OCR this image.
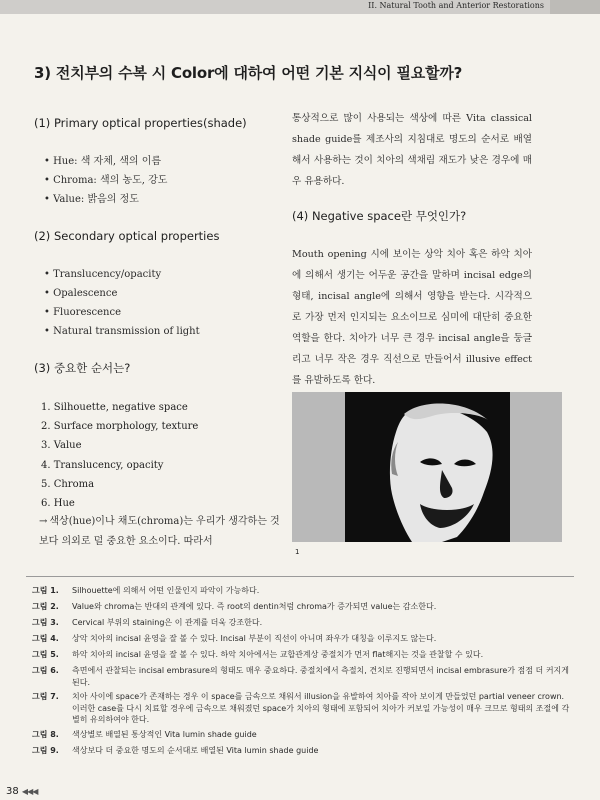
II. Natural Tooth and Anterior Restorations
3) 전치부의 수복 시 Color에 대하여 어떤 기본 지식이 필요할까?
(1) Primary optical properties(shade)
• Hue: 색 자체, 색의 이름
• Chroma: 색의 농도, 강도
• Value: 밝음의 정도
(2) Secondary optical properties
• Translucency/opacity
• Opalescence
• Fluorescence
• Natural transmission of light
(3) 중요한 순서는?
1. Silhouette, negative space
2. Surface morphology, texture
3. Value
4. Translucency, opacity
5. Chroma
6. Hue
→ 색상(hue)이나 채도(chroma)는 우리가 생각하는 것보다 의외로 덜 중요한 요소이다. 따라서
통상적으로 많이 사용되는 색상에 따른 Vita classical shade guide를 제조사의 지침대로 명도의 순서로 배열해서 사용하는 것이 치아의 색채림 재도가 낮은 경우에 매우 유용하다.
(4) Negative space란 무엇인가?
Mouth opening 시에 보이는 상악 치아 혹은 하악 치아에 의해서 생기는 어두운 공간을 말하며 incisal edge의 형태, incisal angle에 의해서 영향을 받는다. 시각적으로 가장 먼저 인지되는 요소이므로 심미에 대단히 중요한 역할을 한다. 치아가 너무 큰 경우 incisal angle을 둥글리고 너무 작은 경우 직선으로 만들어서 illusive effect를 유발하도록 한다.
1
그림 1. Silhouette에 의해서 어떤 인물인지 파악이 가능하다.
그림 2. Value와 chroma는 반대의 관계에 있다. 즉 root의 dentin처럼 chroma가 증가되면 value는 감소한다.
그림 3. Cervical 부위의 staining은 이 관계를 더욱 강조한다.
그림 4. 상악 치아의 incisal 윤영을 잘 볼 수 있다. Incisal 부분이 직선이 아니며 좌우가 대칭을 이루지도 않는다.
그림 5. 하악 치아의 incisal 윤영을 잘 볼 수 있다. 하악 치아에서는 교합관계상 중절치가 먼저 flat해지는 것을 관찰할 수 있다.
그림 6. 측면에서 관찰되는 incisal embrasure의 형태도 매우 중요하다. 중절치에서 측절치, 견치로 진행되면서 incisal embrasure가 점점 더 커지게 된다.
그림 7. 치아 사이에 space가 존재하는 경우 이 space를 금속으로 채워서 illusion을 유발하여 치아를 작아 보이게 만들었던 partial veneer crown. 이러한 case를 다시 치료할 경우에 금속으로 채워졌던 space가 치아의 형태에 포함되어 치아가 커보일 가능성이 매우 크므로 형태의 조절에 각별히 유의하여야 한다.
그림 8. 색상별로 배열된 통상적인 Vita lumin shade guide
그림 9. 색상보다 더 중요한 명도의 순서대로 배열된 Vita lumin shade guide
38 ◀◀◀
